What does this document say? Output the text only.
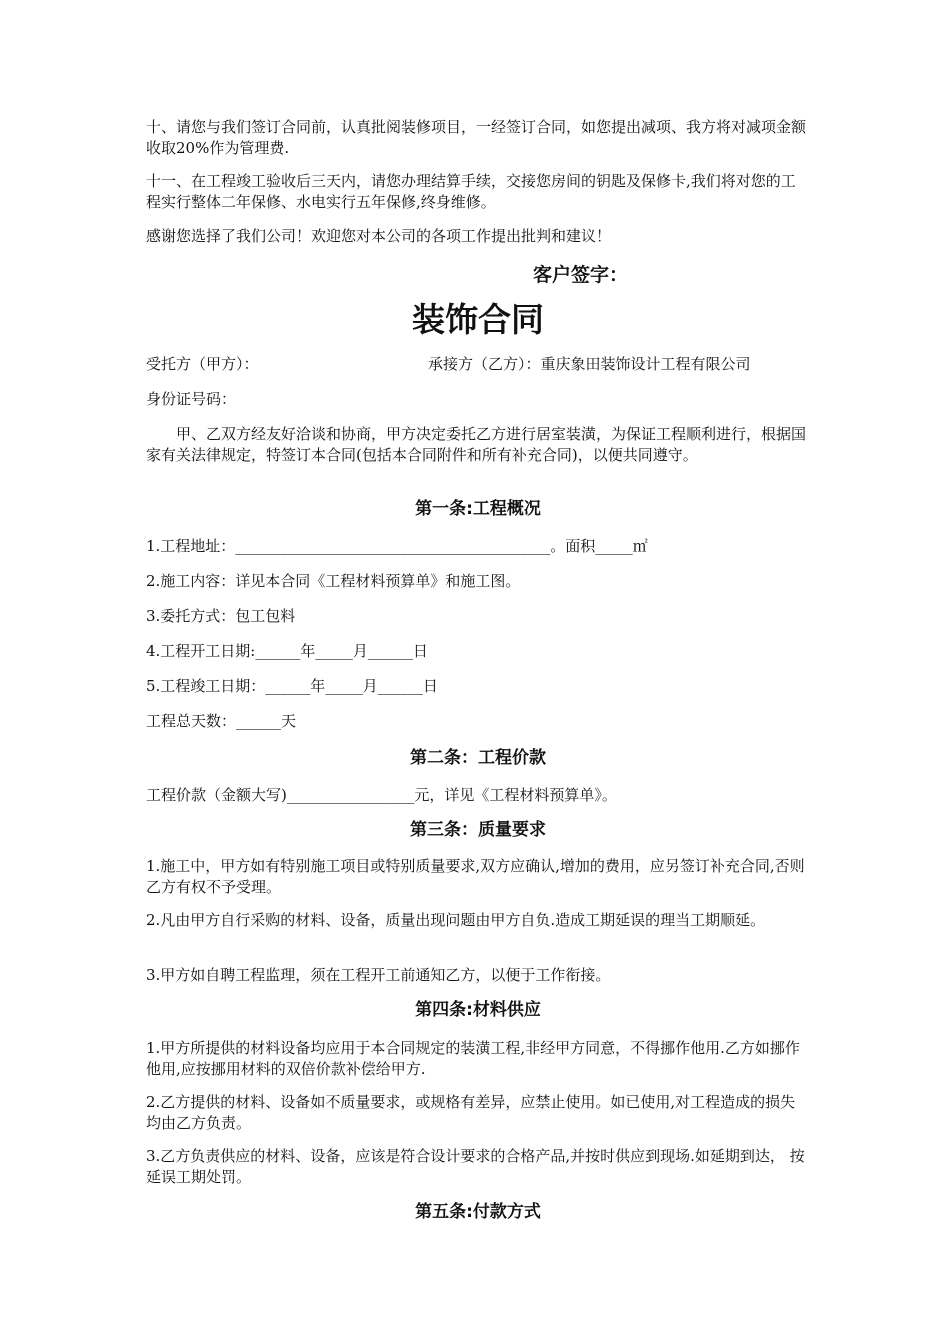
十、请您与我们签订合同前，认真批阅装修项目，一经签订合同，如您提出减项、我方将对减项金额收取20%作为管理费.

十一、在工程竣工验收后三天内，请您办理结算手续，交接您房间的钥匙及保修卡,我们将对您的工程实行整体二年保修、水电实行五年保修,终身维修。

感谢您选择了我们公司！欢迎您对本公司的各项工作提出批判和建议！

客户签字：

装饰合同

受托方（甲方）：	承接方（乙方）：重庆象田装饰设计工程有限公司

身份证号码：

甲、乙双方经友好洽谈和协商，甲方决定委托乙方进行居室装潢，为保证工程顺利进行，根据国家有关法律规定，特签订本合同(包括本合同附件和所有补充合同)，以便共同遵守。

第一条:工程概况

1.工程地址：__________________________________________。面积_____㎡

2.施工内容：详见本合同《工程材料预算单》和施工图。

3.委托方式：包工包料

4.工程开工日期:______年_____月______日

5.工程竣工日期：______年_____月______日

工程总天数：______天

第二条：工程价款

工程价款（金额大写)_________________元，详见《工程材料预算单》。

第三条：质量要求

1.施工中，甲方如有特别施工项目或特别质量要求,双方应确认,增加的费用，应另签订补充合同,否则乙方有权不予受理。

2.凡由甲方自行采购的材料、设备，质量出现问题由甲方自负.造成工期延误的理当工期顺延。

3.甲方如自聘工程监理，须在工程开工前通知乙方，以便于工作衔接。

第四条:材料供应

1.甲方所提供的材料设备均应用于本合同规定的装潢工程,非经甲方同意，不得挪作他用.乙方如挪作他用,应按挪用材料的双倍价款补偿给甲方.

2.乙方提供的材料、设备如不质量要求，或规格有差异，应禁止使用。如已使用,对工程造成的损失均由乙方负责。

3.乙方负责供应的材料、设备，应该是符合设计要求的合格产品,并按时供应到现场.如延期到达， 按延误工期处罚。

第五条:付款方式
